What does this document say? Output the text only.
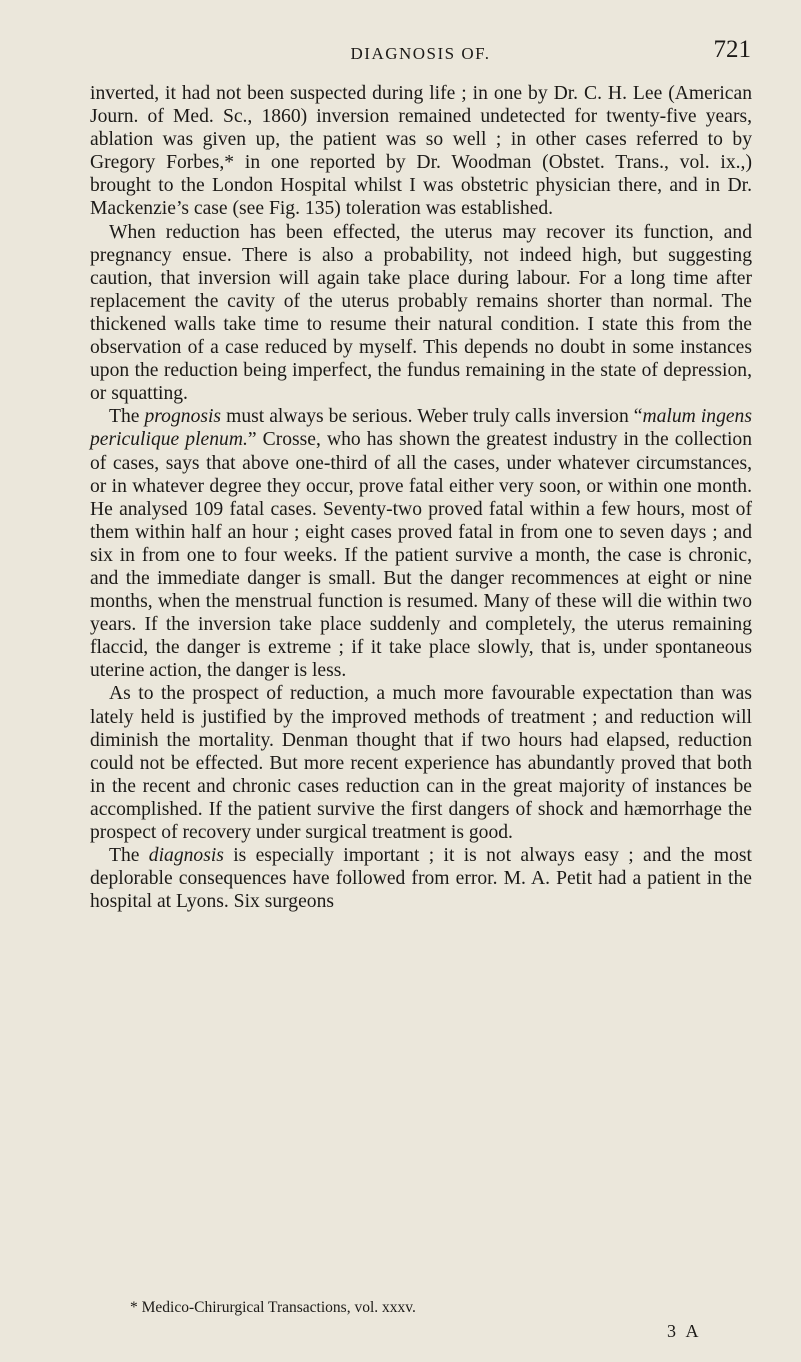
DIAGNOSIS OF.	721

inverted, it had not been suspected during life ; in one by Dr. C. H. Lee (American Journ. of Med. Sc., 1860) inversion remained undetected for twenty-five years, ablation was given up, the patient was so well ; in other cases referred to by Gregory Forbes,* in one reported by Dr. Woodman (Obstet. Trans., vol. ix.,) brought to the London Hospital whilst I was obstetric physician there, and in Dr. Mackenzie’s case (see Fig. 135) toleration was established.

When reduction has been effected, the uterus may recover its function, and pregnancy ensue. There is also a probability, not indeed high, but suggesting caution, that inversion will again take place during labour. For a long time after replacement the cavity of the uterus probably remains shorter than normal. The thickened walls take time to resume their natural condition. I state this from the observation of a case reduced by myself. This depends no doubt in some instances upon the reduction being imperfect, the fundus remaining in the state of depression, or squatting.

The prognosis must always be serious. Weber truly calls inversion “malum ingens periculique plenum.” Crosse, who has shown the greatest industry in the collection of cases, says that above one-third of all the cases, under whatever circumstances, or in whatever degree they occur, prove fatal either very soon, or within one month. He analysed 109 fatal cases. Seventy-two proved fatal within a few hours, most of them within half an hour ; eight cases proved fatal in from one to seven days ; and six in from one to four weeks. If the patient survive a month, the case is chronic, and the immediate danger is small. But the danger recommences at eight or nine months, when the menstrual function is resumed. Many of these will die within two years. If the inversion take place suddenly and completely, the uterus remaining flaccid, the danger is extreme ; if it take place slowly, that is, under spontaneous uterine action, the danger is less.

As to the prospect of reduction, a much more favourable expectation than was lately held is justified by the improved methods of treatment ; and reduction will diminish the mortality. Denman thought that if two hours had elapsed, reduction could not be effected. But more recent experience has abundantly proved that both in the recent and chronic cases reduction can in the great majority of instances be accomplished. If the patient survive the first dangers of shock and hæmorrhage the prospect of recovery under surgical treatment is good.

The diagnosis is especially important ; it is not always easy ; and the most deplorable consequences have followed from error. M. A. Petit had a patient in the hospital at Lyons. Six surgeons

* Medico-Chirurgical Transactions, vol. xxxv.
3 A
